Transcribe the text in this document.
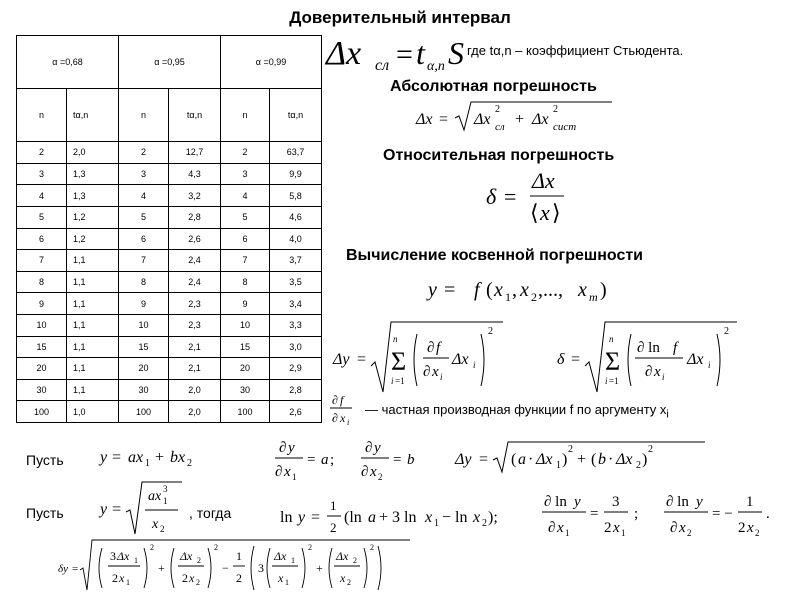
Доверительный интервал
α =0,68		α =0,95		α =0,99	
n	tα,n	n	tα,n	n	tα,n
2	2,0	2	12,7	2	63,7
3	1,3	3	4,3	3	9,9
4	1,3	4	3,2	4	5,8
5	1,2	5	2,8	5	4,6
6	1,2	6	2,6	6	4,0
7	1,1	7	2,4	7	3,7
8	1,1	8	2,4	8	3,5
9	1,1	9	2,3	9	3,4
10	1,1	10	2,3	10	3,3
15	1,1	15	2,1	15	3,0
20	1,1	20	2,1	20	2,9
30	1,1	30	2,0	30	2,8
100	1,0	100	2,0	100	2,6
Δx сл = t α,n S где tα,n – коэффициент Стьюдента.
Абсолютная погрешность
Δx = Δx
2
сл + Δx
2
сист
Относительная погрешность
δ =
Δx
⟨ x ⟩
Вычисление косвенной погрешности
y = f ( x 1 , x 2 ,..., x m )
Δy =
n
Σ
i =1
∂ f
∂ x i
Δx i
2
δ =
n
Σ
i =1
∂ ln f
∂ x i
Δx i
2
∂ f
∂ x i
— частная производная функции f по аргументу $x_i$
Пусть y = ax 1 + bx 2
∂ y
∂ x 1
= a ;
∂ y
∂ x 2
= b	Δy = ( a · Δx 1 )
2
+ ( b · Δx 2 )
2
Пусть y =
ax 3
1
x 2
, тогда	ln y =
1
2
(ln a + 3 ln x 1 − ln x 2 );
∂ ln y
∂ x 1
=
3
2 x 1
;
∂ ln y
∂ x 2
= −
1
2 x 2
.
δy =
3 Δx 1
2 x 1
2
+
Δx 2
2 x 2
2
−
1
2
3
Δx 1
x 1
2
+
Δx 2
x 2
2
